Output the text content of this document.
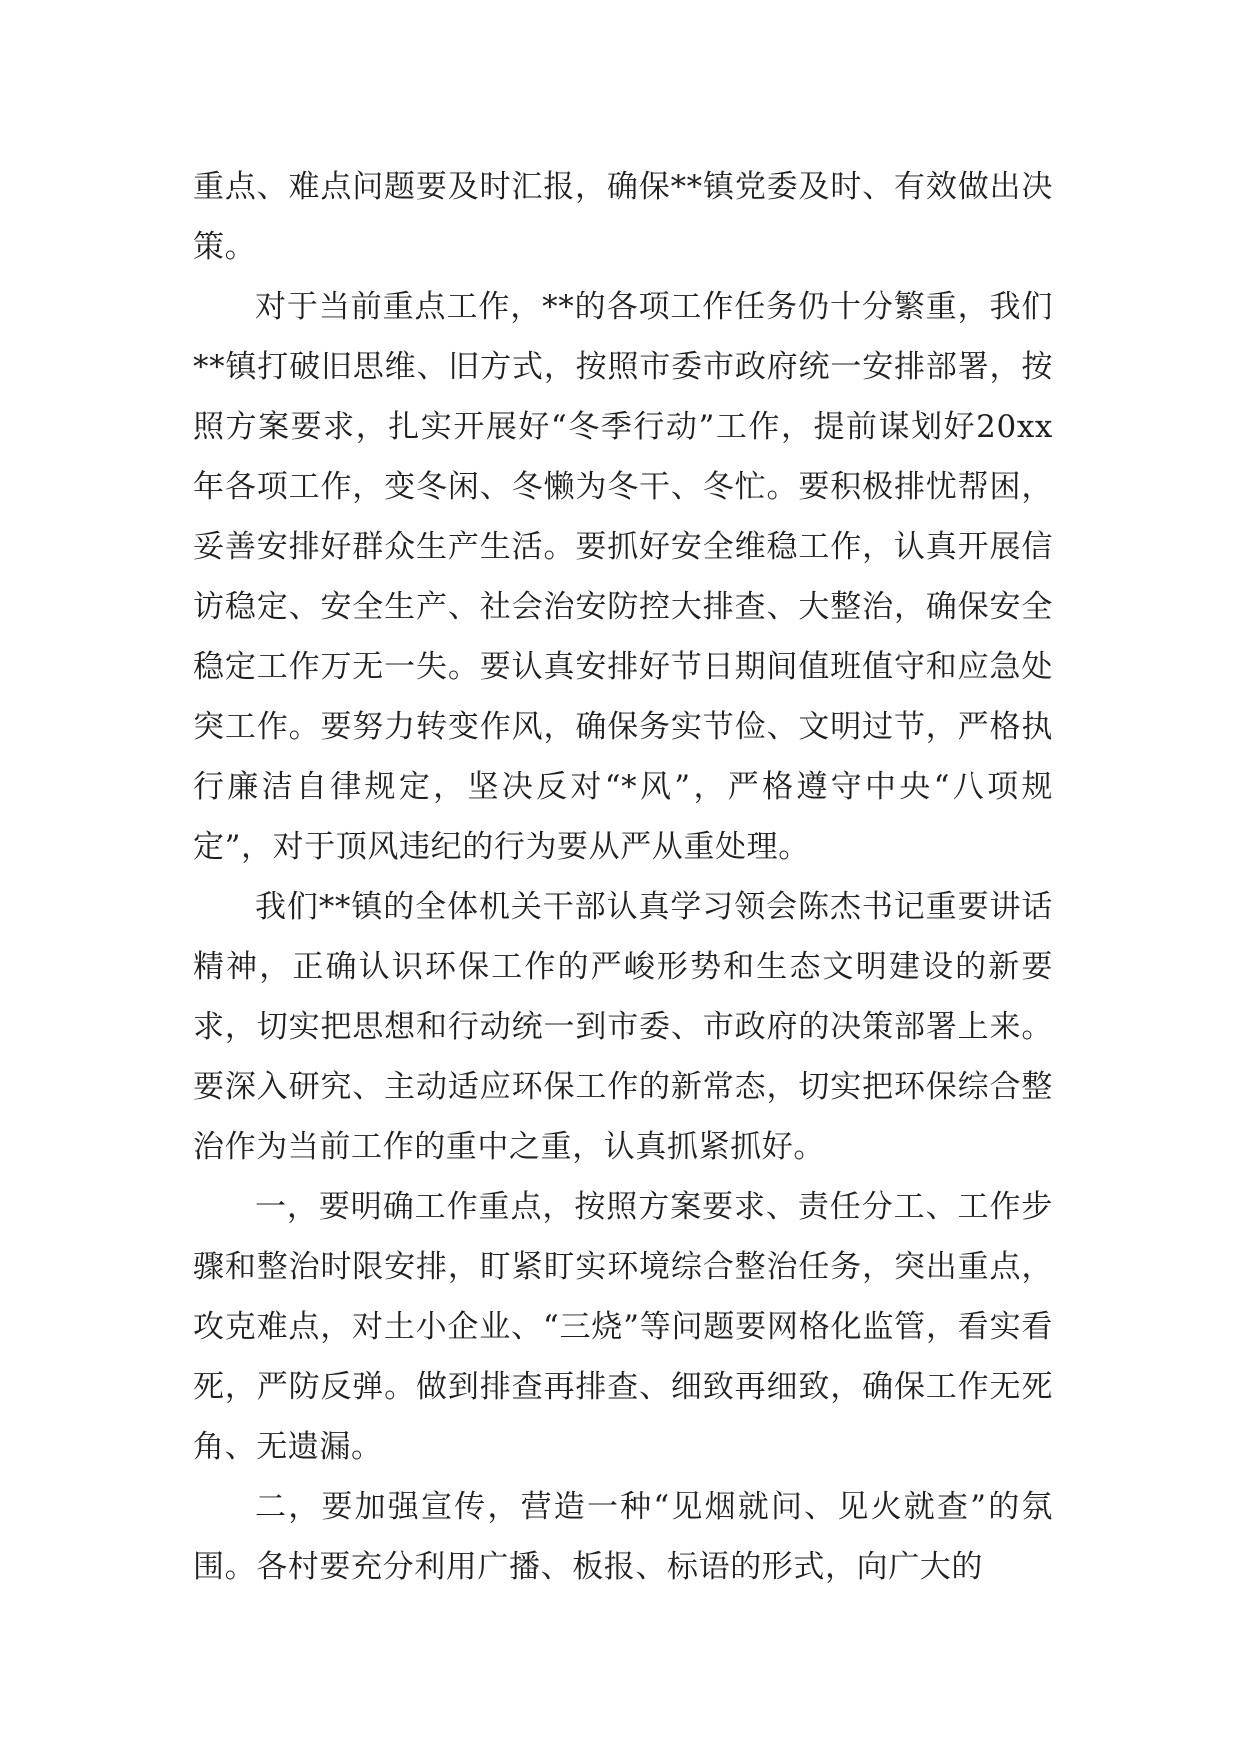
重点、难点问题要及时汇报，确保**镇党委及时、有效做出决策。

对于当前重点工作，**的各项工作任务仍十分繁重，我们**镇打破旧思维、旧方式，按照市委市政府统一安排部署，按照方案要求，扎实开展好“冬季行动”工作，提前谋划好20xx年各项工作，变冬闲、冬懒为冬干、冬忙。要积极排忧帮困，妥善安排好群众生产生活。要抓好安全维稳工作，认真开展信访稳定、安全生产、社会治安防控大排查、大整治，确保安全稳定工作万无一失。要认真安排好节日期间值班值守和应急处突工作。要努力转变作风，确保务实节俭、文明过节，严格执行廉洁自律规定，坚决反对“*风”，严格遵守中央“八项规定”，对于顶风违纪的行为要从严从重处理。

我们**镇的全体机关干部认真学习领会陈杰书记重要讲话精神，正确认识环保工作的严峻形势和生态文明建设的新要求，切实把思想和行动统一到市委、市政府的决策部署上来。要深入研究、主动适应环保工作的新常态，切实把环保综合整治作为当前工作的重中之重，认真抓紧抓好。

一，要明确工作重点，按照方案要求、责任分工、工作步骤和整治时限安排，盯紧盯实环境综合整治任务，突出重点，攻克难点，对土小企业、“三烧”等问题要网格化监管，看实看死，严防反弹。做到排查再排查、细致再细致，确保工作无死角、无遗漏。

二，要加强宣传，营造一种“见烟就问、见火就查”的氛围。各村要充分利用广播、板报、标语的形式，向广大的
